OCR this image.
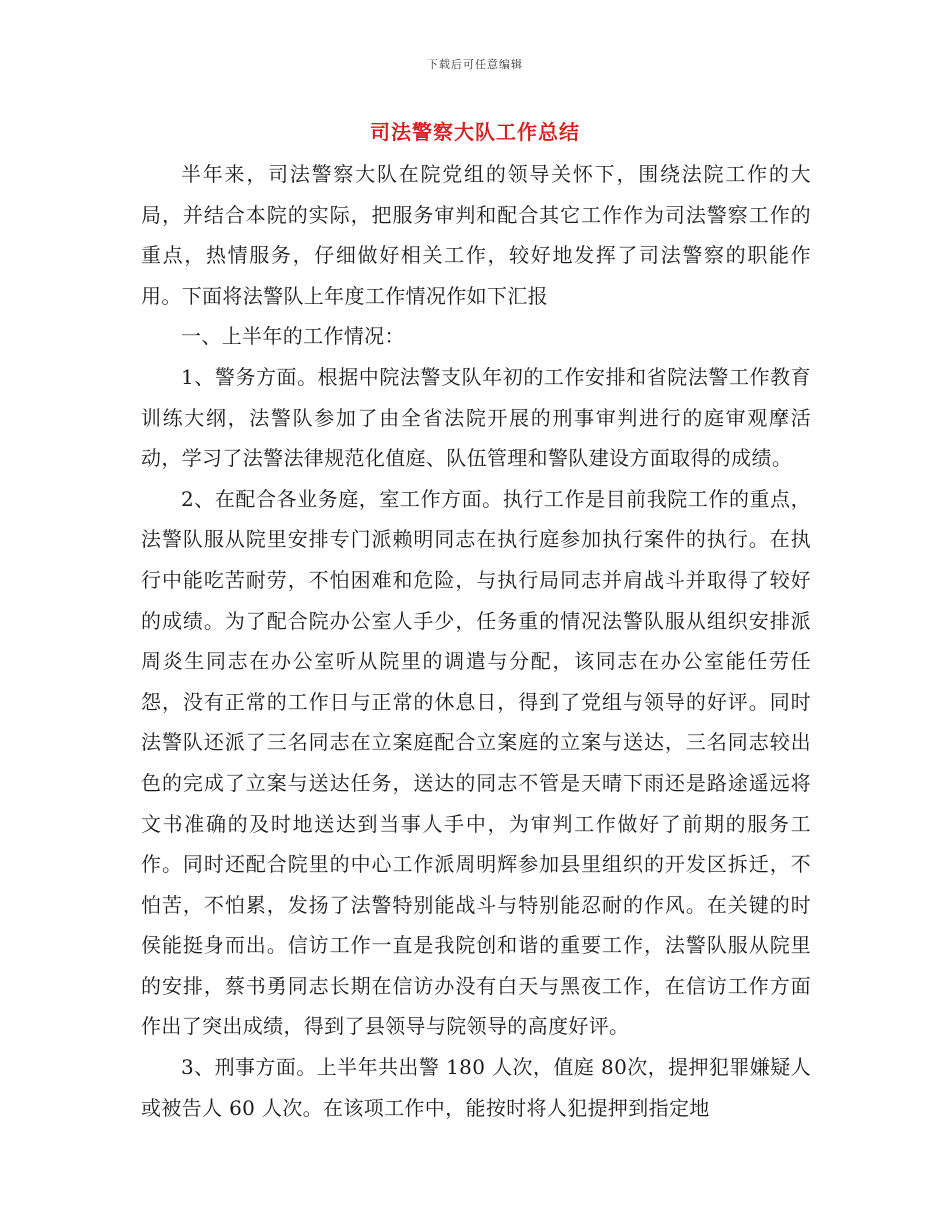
下载后可任意编辑
司法警察大队工作总结

半年来，司法警察大队在院党组的领导关怀下，围绕法院工作的大局，并结合本院的实际，把服务审判和配合其它工作作为司法警察工作的重点，热情服务，仔细做好相关工作，较好地发挥了司法警察的职能作用。下面将法警队上年度工作情况作如下汇报

一、上半年的工作情况：

1、警务方面。根据中院法警支队年初的工作安排和省院法警工作教育训练大纲，法警队参加了由全省法院开展的刑事审判进行的庭审观摩活动，学习了法警法律规范化值庭、队伍管理和警队建设方面取得的成绩。

2、在配合各业务庭，室工作方面。执行工作是目前我院工作的重点，法警队服从院里安排专门派赖明同志在执行庭参加执行案件的执行。在执行中能吃苦耐劳，不怕困难和危险，与执行局同志并肩战斗并取得了较好的成绩。为了配合院办公室人手少，任务重的情况法警队服从组织安排派周炎生同志在办公室听从院里的调遣与分配，该同志在办公室能任劳任怨，没有正常的工作日与正常的休息日，得到了党组与领导的好评。同时法警队还派了三名同志在立案庭配合立案庭的立案与送达，三名同志较出色的完成了立案与送达任务，送达的同志不管是天晴下雨还是路途遥远将文书准确的及时地送达到当事人手中，为审判工作做好了前期的服务工作。同时还配合院里的中心工作派周明辉参加县里组织的开发区拆迁，不怕苦，不怕累，发扬了法警特别能战斗与特别能忍耐的作风。在关键的时侯能挺身而出。信访工作一直是我院创和谐的重要工作，法警队服从院里的安排，蔡书勇同志长期在信访办没有白天与黑夜工作，在信访工作方面作出了突出成绩，得到了县领导与院领导的高度好评。

3、刑事方面。上半年共出警 180 人次，值庭 80次，提押犯罪嫌疑人或被告人 60 人次。在该项工作中，能按时将人犯提押到指定地
